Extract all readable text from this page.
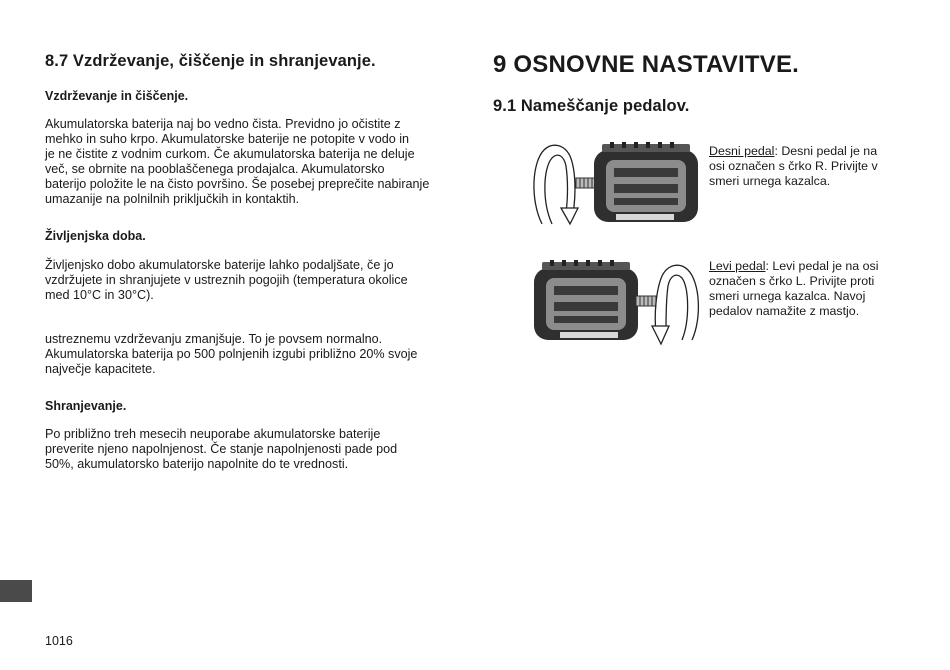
8.7 Vzdrževanje, čiščenje in shranjevanje.
Vzdrževanje in čiščenje.
Akumulatorska baterija naj bo vedno čista. Previdno jo očistite z
mehko in suho krpo. Akumulatorske baterije ne potopite v vodo in
je ne čistite z vodnim curkom. Če akumulatorska baterija ne deluje
več, se obrnite na pooblaščenega prodajalca. Akumulatorsko
baterijo položite le na čisto površino. Še posebej preprečite nabiranje
umazanije na polnilnih priključkih in kontaktih.
Življenjska doba.
Življenjsko dobo akumulatorske baterije lahko podaljšate, če jo
vzdržujete in shranjujete v ustreznih pogojih (temperatura okolice
med 10°C in 30°C).
ustreznemu vzdrževanju zmanjšuje. To je povsem normalno.
Akumulatorska baterija po 500 polnjenih izgubi približno 20% svoje
največje kapacitete.
Shranjevanje.
Po približno treh mesecih neuporabe akumulatorske baterije
preverite njeno napolnjenost. Če stanje napolnjenosti pade pod
50%, akumulatorsko baterijo napolnite do te vrednosti.
9 OSNOVNE NASTAVITVE.
9.1 Nameščanje pedalov.
Desni pedal: Desni pedal je na
osi označen s črko R. Privijte v
smeri urnega kazalca.
Levi pedal: Levi pedal je na osi
označen s črko L. Privijte proti
smeri urnega kazalca. Navoj
pedalov namažite z mastjo.
1016
